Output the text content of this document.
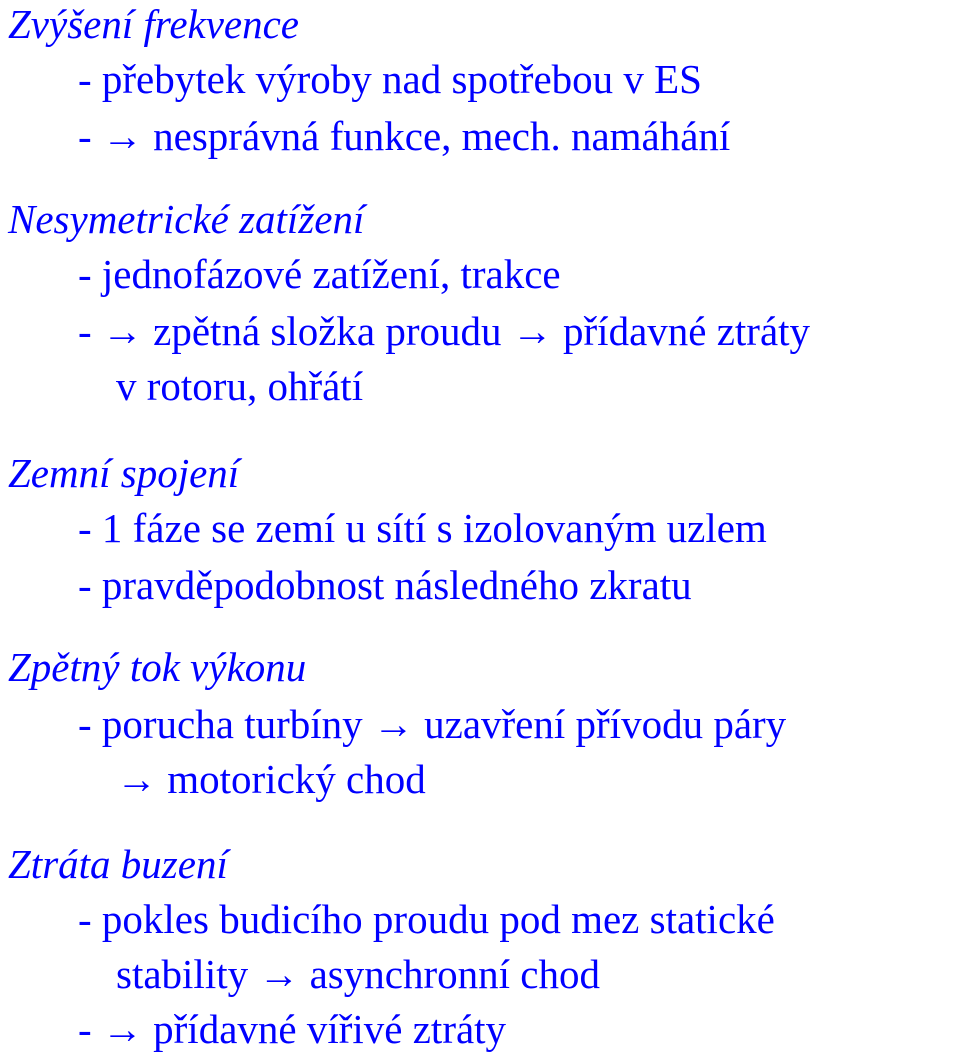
Zvýšení frekvence
- přebytek výroby nad spotřebou v ES
- → nesprávná funkce, mech. namáhání
Nesymetrické zatížení
- jednofázové zatížení, trakce
- → zpětná složka proudu → přídavné ztráty
v rotoru, ohřátí
Zemní spojení
- 1 fáze se zemí u sítí s izolovaným uzlem
- pravděpodobnost následného zkratu
Zpětný tok výkonu
- porucha turbíny → uzavření přívodu páry
→ motorický chod
Ztráta buzení
- pokles budicího proudu pod mez statické
stability → asynchronní chod
- → přídavné vířivé ztráty
